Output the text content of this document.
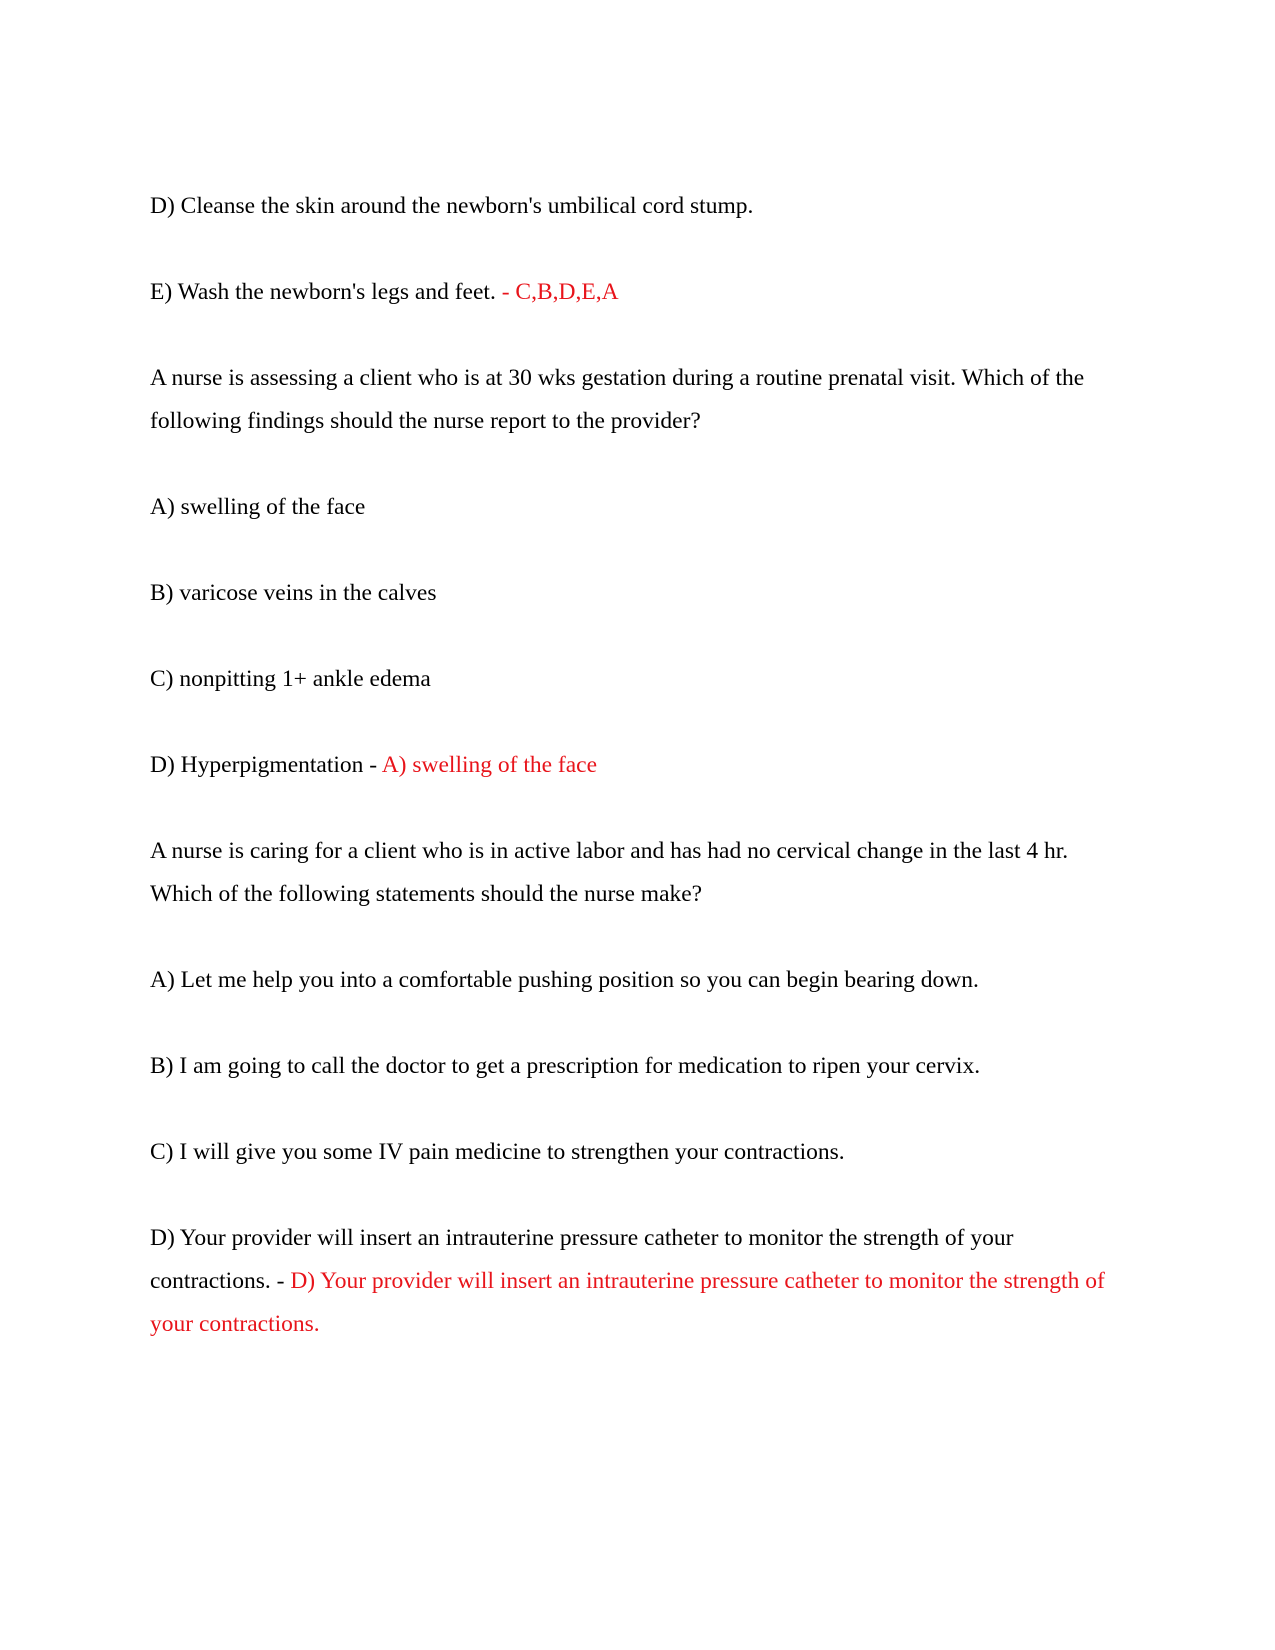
D) Cleanse the skin around the newborn's umbilical cord stump.

E) Wash the newborn's legs and feet. - C,B,D,E,A

A nurse is assessing a client who is at 30 wks gestation during a routine prenatal visit. Which of the following findings should the nurse report to the provider?

A) swelling of the face

B) varicose veins in the calves

C) nonpitting 1+ ankle edema

D) Hyperpigmentation - A) swelling of the face

A nurse is caring for a client who is in active labor and has had no cervical change in the last 4 hr. Which of the following statements should the nurse make?

A) Let me help you into a comfortable pushing position so you can begin bearing down.

B) I am going to call the doctor to get a prescription for medication to ripen your cervix.

C) I will give you some IV pain medicine to strengthen your contractions.

D) Your provider will insert an intrauterine pressure catheter to monitor the strength of your contractions. - D) Your provider will insert an intrauterine pressure catheter to monitor the strength of your contractions.
